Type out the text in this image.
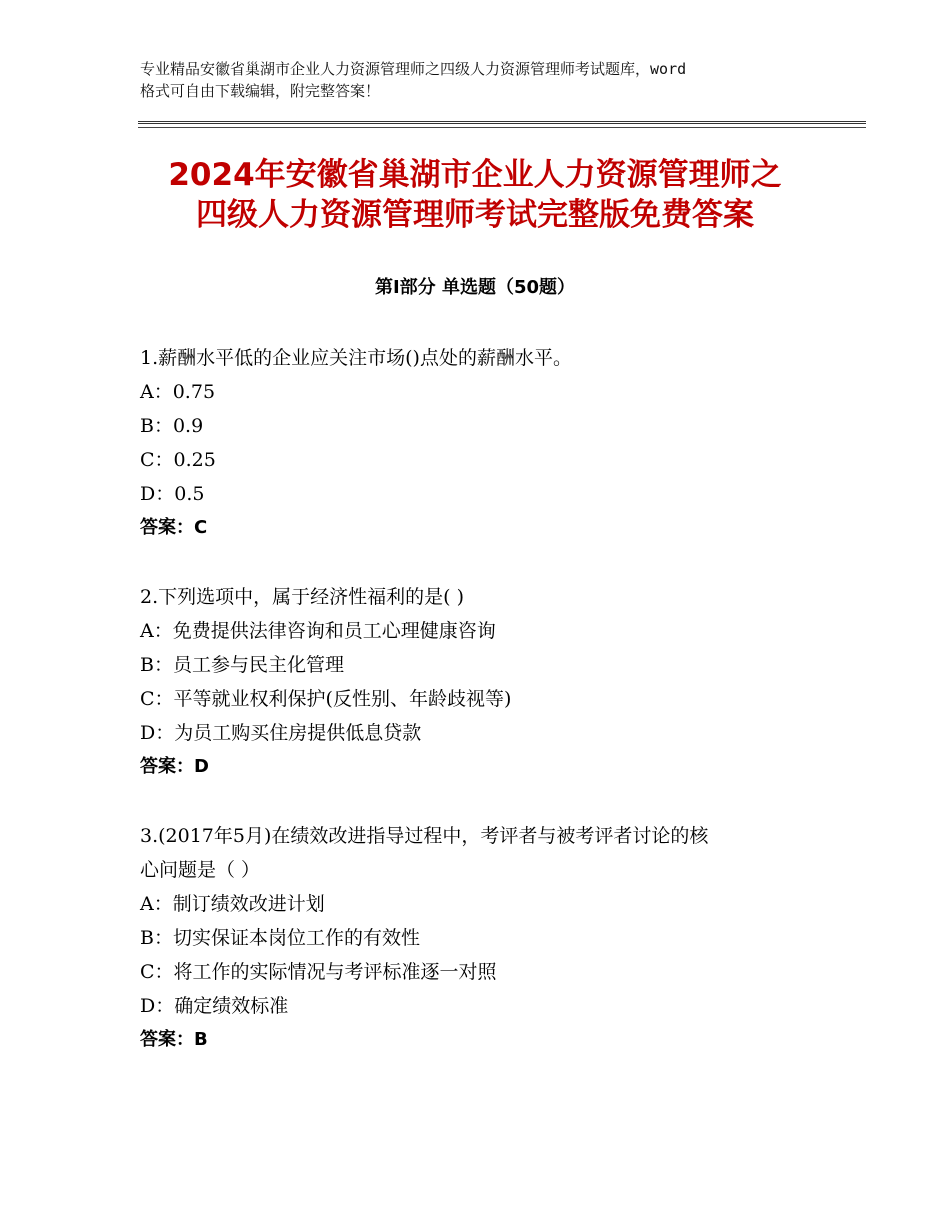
专业精品安徽省巢湖市企业人力资源管理师之四级人力资源管理师考试题库，word
格式可自由下载编辑，附完整答案！
2024年安徽省巢湖市企业人力资源管理师之
四级人力资源管理师考试完整版免费答案
第Ⅰ部分 单选题（50题）
1.薪酬水平低的企业应关注市场()点处的薪酬水平。
A：0.75
B：0.9
C：0.25
D：0.5
答案：C
2.下列选项中，属于经济性福利的是( )
A：免费提供法律咨询和员工心理健康咨询
B：员工参与民主化管理
C：平等就业权利保护(反性别、年龄歧视等)
D：为员工购买住房提供低息贷款
答案：D
3.(2017年5月)在绩效改进指导过程中，考评者与被考评者讨论的核
心问题是（ ）
A：制订绩效改进计划
B：切实保证本岗位工作的有效性
C：将工作的实际情况与考评标准逐一对照
D：确定绩效标准
答案：B
